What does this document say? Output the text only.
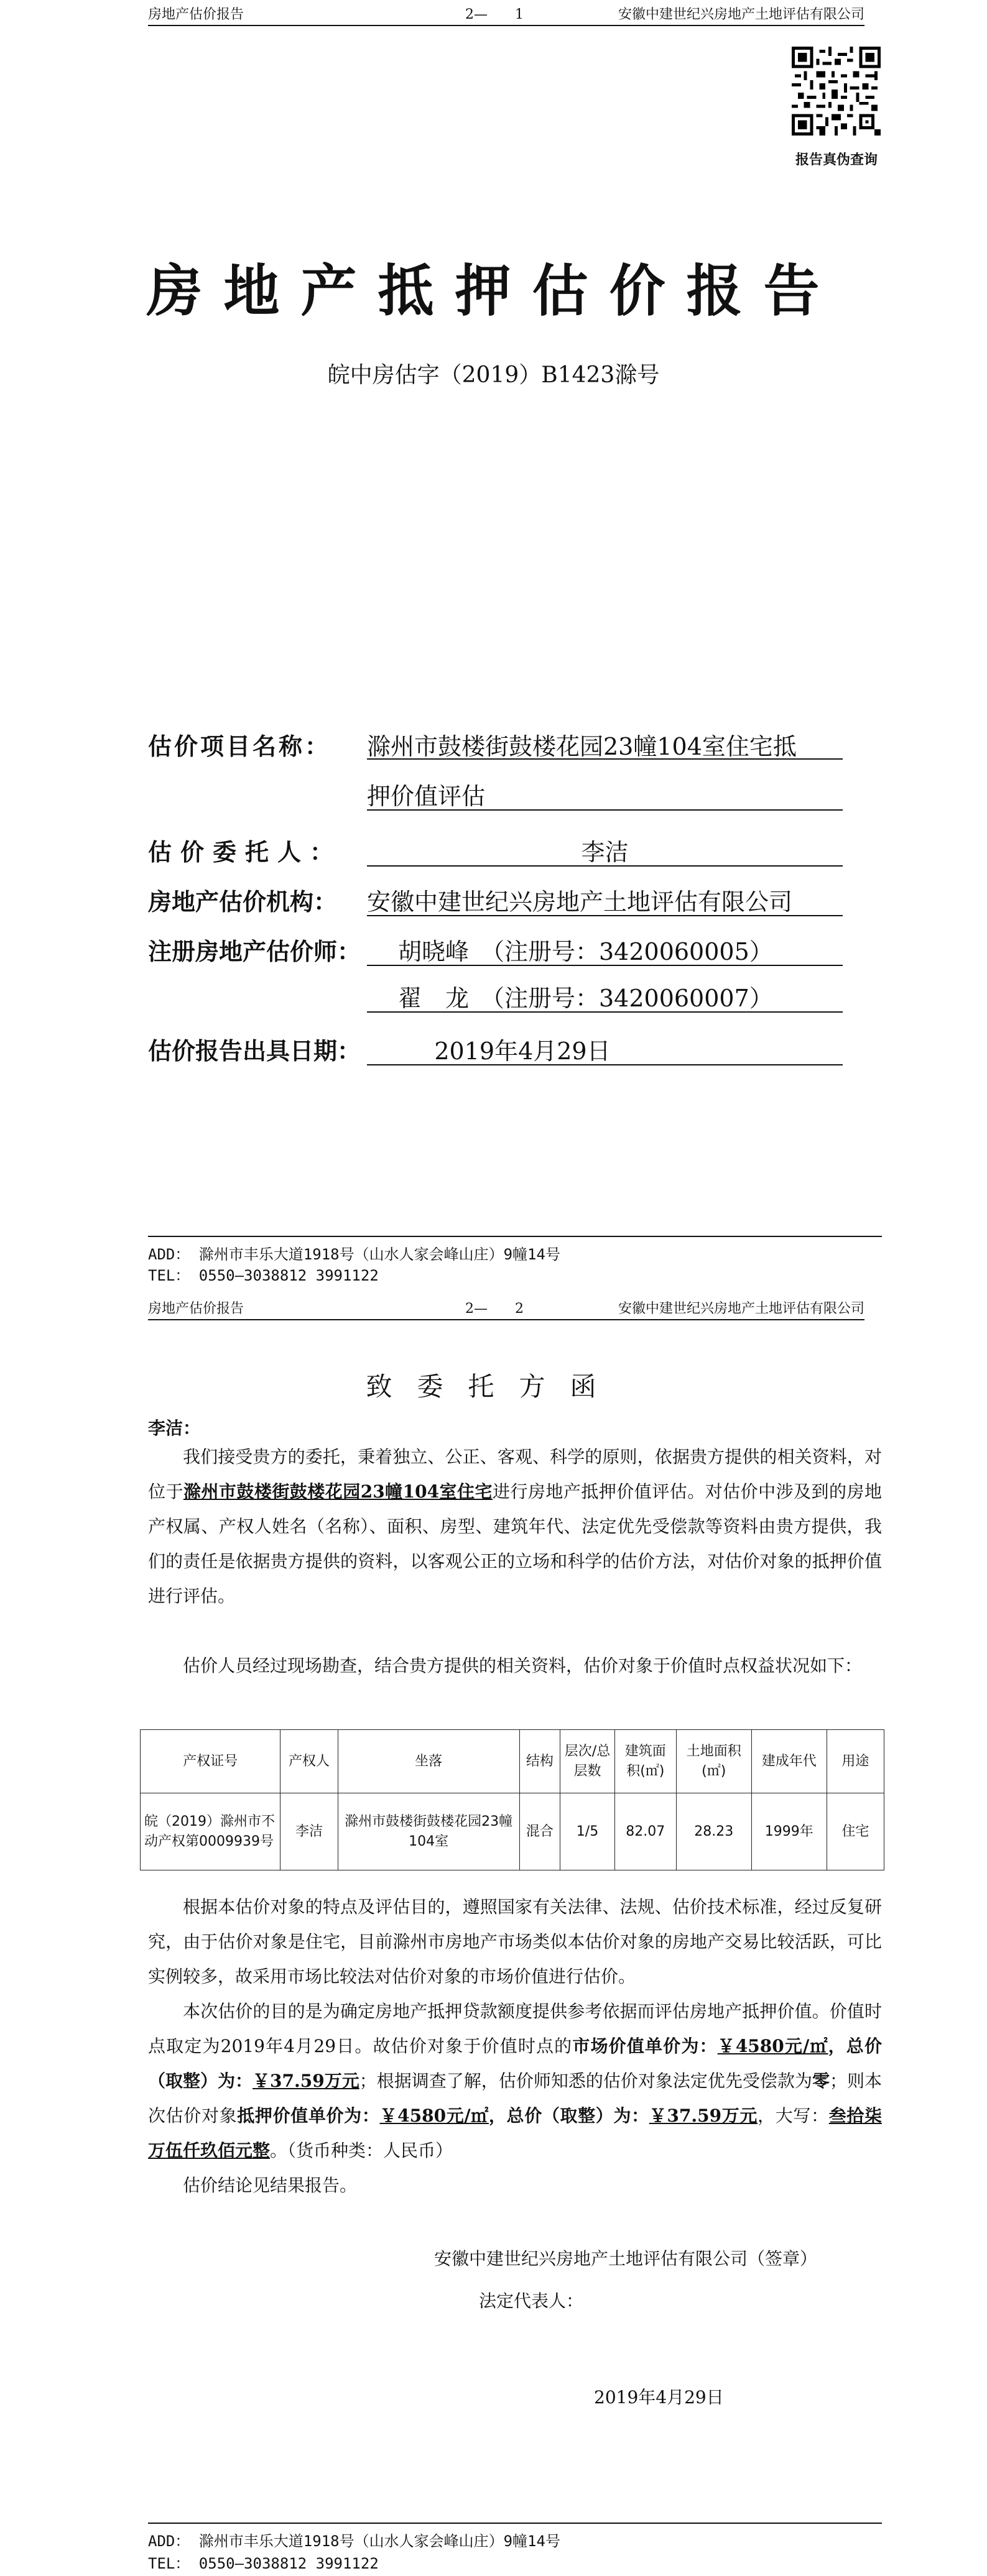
房地产估价报告	2—　　1	安徽中建世纪兴房地产土地评估有限公司
报告真伪查询
房地产抵押估价报告
皖中房估字（2019）B1423滁号
估价项目名称： 滁州市鼓楼街鼓楼花园23幢104室住宅抵
押价值评估
估价委托人：	李洁
房地产估价机构： 安徽中建世纪兴房地产土地评估有限公司
注册房地产估价师： 胡晓峰　（注册号：3420060005）
翟　龙　（注册号：3420060007）
估价报告出具日期：	2019年4月29日
ADD： 滁州市丰乐大道1918号（山水人家会峰山庄）9幢14号
TEL： 0550—3038812 3991122
房地产估价报告	2—　　2	安徽中建世纪兴房地产土地评估有限公司
致委托方函
李洁：
我们接受贵方的委托，秉着独立、公正、客观、科学的原则，依据贵方提供的相关资料，对位于滁州市鼓楼街鼓楼花园23幢104室住宅进行房地产抵押价值评估。对估价中涉及到的房地产权属、产权人姓名（名称）、面积、房型、建筑年代、法定优先受偿款等资料由贵方提供，我们的责任是依据贵方提供的资料，以客观公正的立场和科学的估价方法，对估价对象的抵押价值进行评估。
估价人员经过现场勘查，结合贵方提供的相关资料，估价对象于价值时点权益状况如下：
产权证号	产权人	坐落	结构	层次/总层数	建筑面积(㎡)	土地面积(㎡)	建成年代	用途
皖（2019）滁州市不动产权第0009939号	李洁	滁州市鼓楼街鼓楼花园23幢104室	混合	1/5	82.07	28.23	1999年	住宅
根据本估价对象的特点及评估目的，遵照国家有关法律、法规、估价技术标准，经过反复研究，由于估价对象是住宅，目前滁州市房地产市场类似本估价对象的房地产交易比较活跃，可比实例较多，故采用市场比较法对估价对象的市场价值进行估价。
本次估价的目的是为确定房地产抵押贷款额度提供参考依据而评估房地产抵押价值。价值时点取定为2019年4月29日。故估价对象于价值时点的市场价值单价为：￥4580元/㎡，总价（取整）为：￥37.59万元；根据调查了解，估价师知悉的估价对象法定优先受偿款为零；则本次估价对象抵押价值单价为：￥4580元/㎡，总价（取整）为：￥37.59万元，大写：叁拾柒万伍仟玖佰元整。（货币种类：人民币）
估价结论见结果报告。
安徽中建世纪兴房地产土地评估有限公司（签章）
法定代表人：
2019年4月29日
ADD： 滁州市丰乐大道1918号（山水人家会峰山庄）9幢14号
TEL： 0550—3038812 3991122
